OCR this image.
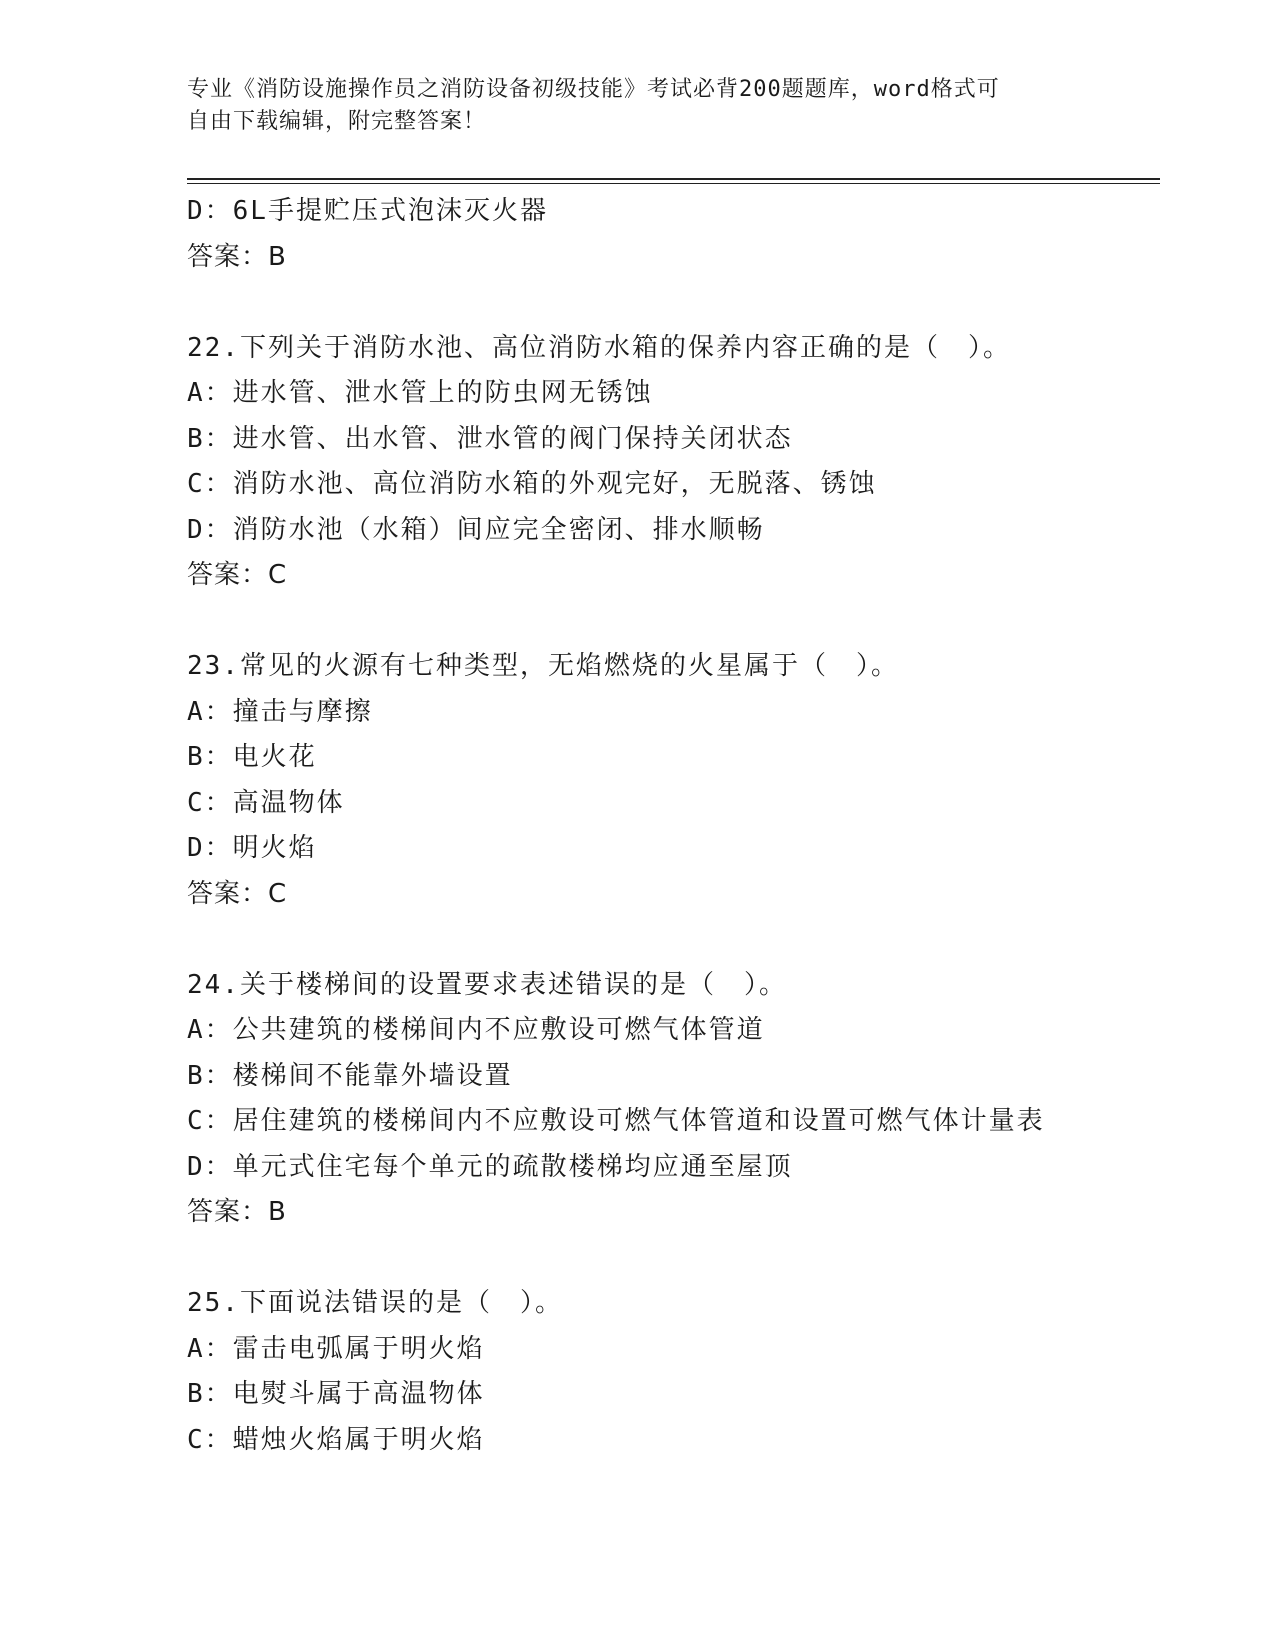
专业《消防设施操作员之消防设备初级技能》考试必背200题题库，word格式可
自由下载编辑，附完整答案！
D：6L手提贮压式泡沫灭火器
答案：B
22.下列关于消防水池、高位消防水箱的保养内容正确的是（　）。
A：进水管、泄水管上的防虫网无锈蚀
B：进水管、出水管、泄水管的阀门保持关闭状态
C：消防水池、高位消防水箱的外观完好，无脱落、锈蚀
D：消防水池（水箱）间应完全密闭、排水顺畅
答案：C
23.常见的火源有七种类型，无焰燃烧的火星属于（　）。
A：撞击与摩擦
B：电火花
C：高温物体
D：明火焰
答案：C
24.关于楼梯间的设置要求表述错误的是（　）。
A：公共建筑的楼梯间内不应敷设可燃气体管道
B：楼梯间不能靠外墙设置
C：居住建筑的楼梯间内不应敷设可燃气体管道和设置可燃气体计量表
D：单元式住宅每个单元的疏散楼梯均应通至屋顶
答案：B
25.下面说法错误的是（　）。
A：雷击电弧属于明火焰
B：电熨斗属于高温物体
C：蜡烛火焰属于明火焰
